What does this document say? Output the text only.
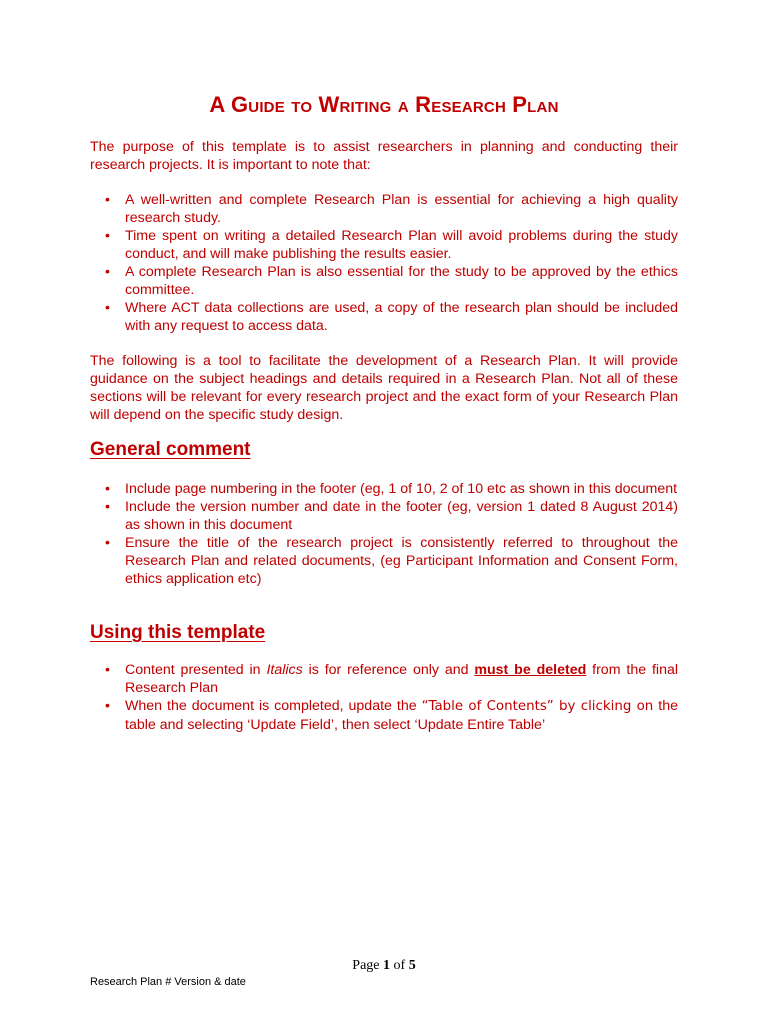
A Guide to Writing a Research Plan
The purpose of this template is to assist researchers in planning and conducting their research projects. It is important to note that:
• A well-written and complete Research Plan is essential for achieving a high quality research study.
• Time spent on writing a detailed Research Plan will avoid problems during the study conduct, and will make publishing the results easier.
• A complete Research Plan is also essential for the study to be approved by the ethics committee.
• Where ACT data collections are used, a copy of the research plan should be included with any request to access data.
The following is a tool to facilitate the development of a Research Plan. It will provide guidance on the subject headings and details required in a Research Plan. Not all of these sections will be relevant for every research project and the exact form of your Research Plan will depend on the specific study design.
General comment
• Include page numbering in the footer (eg, 1 of 10, 2 of 10 etc as shown in this document
• Include the version number and date in the footer (eg, version 1 dated 8 August 2014) as shown in this document
• Ensure the title of the research project is consistently referred to throughout the Research Plan and related documents, (eg Participant Information and Consent Form, ethics application etc)
Using this template
• Content presented in Italics is for reference only and must be deleted from the final Research Plan
• When the document is completed, update the “Table of Contents” by clicking on the table and selecting ‘Update Field’, then select ‘Update Entire Table’
Page 1 of 5
Research Plan # Version & date
